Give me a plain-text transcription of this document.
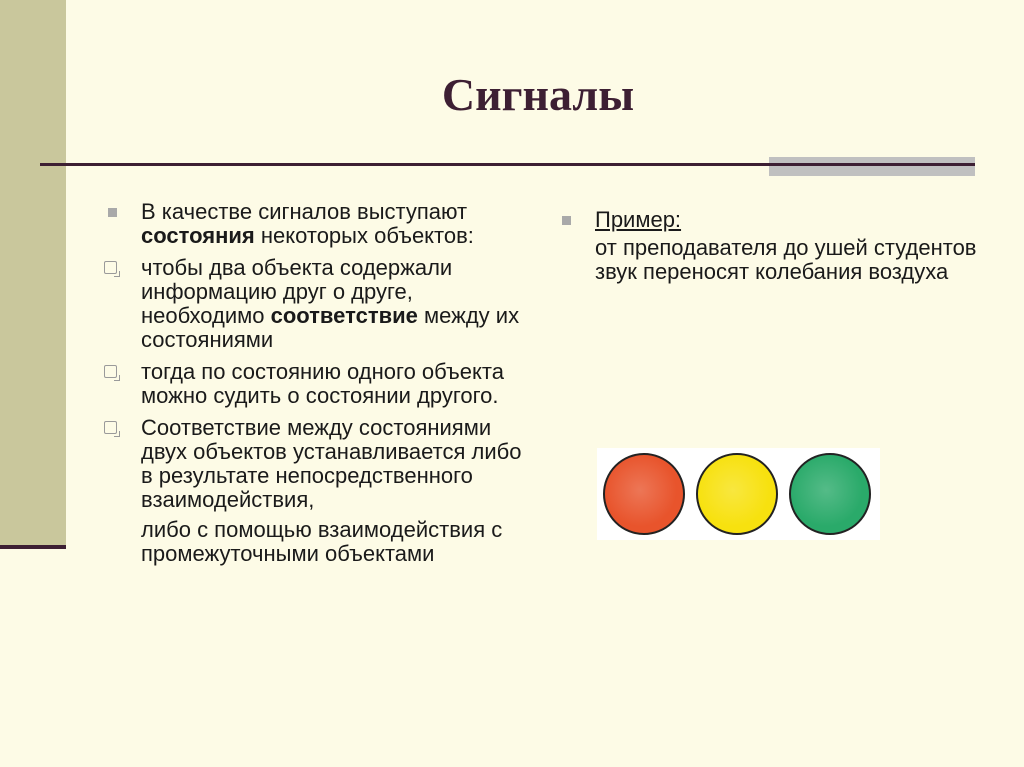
Сигналы
В качестве сигналов выступают состояния некоторых объектов:
чтобы два объекта содержали информацию друг о друге, необходимо соответствие между их состояниями
тогда по состоянию одного объекта можно судить о состоянии другого.
Соответствие между состояниями двух объектов устанавливается либо в результате непосредственного взаимодействия,
либо с помощью взаимодействия с промежуточными объектами
Пример:
от преподавателя до ушей студентов звук переносят колебания воздуха
